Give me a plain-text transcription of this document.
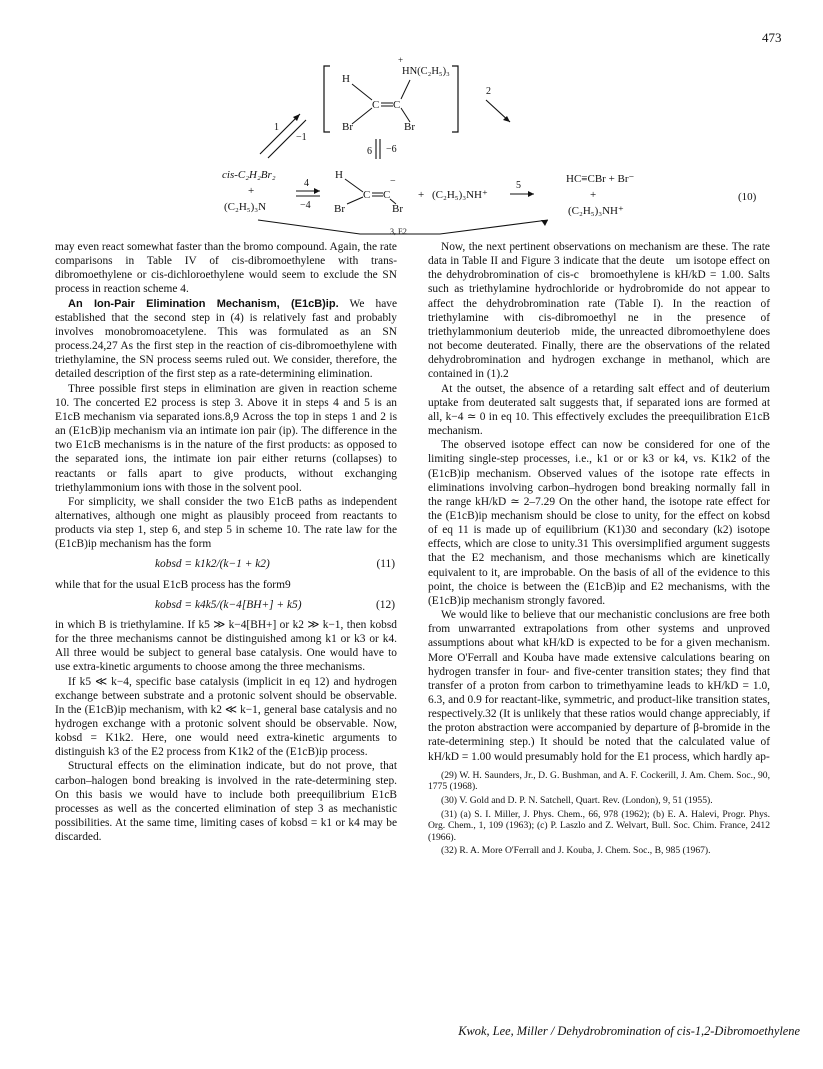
473
H
HN(C₂H₅)₃
+
Br	Br
C C
1
−1
2
6 −6
cis-C₂H₂Br₂
+
(C₂H₅)₃N
4
−4
H
Br	Br
C C
−
+ (C₂H₅)₃NH⁺
5
HC≡CBr + Br⁻
+
(C₂H₅)₃NH⁺
(10)
3, E2

may even react somewhat faster than the bromo compound. Again, the rate comparisons in Table IV of cis-dibromoethylene with trans-dibromoethylene or cis-dichloroethylene would seem to exclude the SN process in reaction scheme 4.

An Ion-Pair Elimination Mechanism, (E1cB)ip. We have established that the second step in (4) is relatively fast and probably involves monobromoacetylene. This was formulated as an SN process.24,27 As the first step in the reaction of cis-dibromoethylene with triethylamine, the SN process seems ruled out. We consider, therefore, the detailed description of the first step as a rate-determining elimination.

Three possible first steps in elimination are given in reaction scheme 10. The concerted E2 process is step 3. Above it in steps 4 and 5 is an E1cB mechanism via separated ions.8,9 Across the top in steps 1 and 2 is an (E1cB)ip mechanism via an intimate ion pair (ip). The difference in the two E1cB mechanisms is in the nature of the first products: as opposed to the separated ions, the intimate ion pair either returns (collapses) to reactants or falls apart to give products, without exchanging triethylammonium ions with those in the solvent pool.

For simplicity, we shall consider the two E1cB paths as independent alternatives, although one might as plausibly proceed from reactants to products via step 1, step 6, and step 5 in scheme 10. The rate law for the (E1cB)ip mechanism has the form

kobsd = k1k2/(k−1 + k2)	(11)

while that for the usual E1cB process has the form9

kobsd = k4k5/(k−4[BH+] + k5)	(12)

in which B is triethylamine. If k5 ≫ k−4[BH+] or k2 ≫ k−1, then kobsd for the three mechanisms cannot be distinguished among k1 or k3 or k4. All three would be subject to general base catalysis. One would have to use extra-kinetic arguments to choose among the three mechanisms.

If k5 ≪ k−4, specific base catalysis (implicit in eq 12) and hydrogen exchange between substrate and a protonic solvent should be observable. In the (E1cB)ip mechanism, with k2 ≪ k−1, general base catalysis and no hydrogen exchange with a protonic solvent should be observable. Now, kobsd = K1k2. Here, one would need extra-kinetic arguments to distinguish k3 of the E2 process from K1k2 of the (E1cB)ip process.

Structural effects on the elimination indicate, but do not prove, that carbon–halogen bond breaking is involved in the rate-determining step. On this basis we would have to include both preequilibrium E1cB processes as well as the concerted elimination of step 3 as mechanistic possibilities. At the same time, limiting cases of kobsd = k1 or k4 may be discarded.

Now, the next pertinent observations on mechanism are these. The rate data in Table II and Figure 3 indicate that the deute um isotope effect on the dehydrobromination of cis-c bromoethylene is kH/kD = 1.00. Salts such as triethylamine hydrochloride or hydrobromide do not appear to affect the dehydrobromination rate (Table I). In the reaction of triethylamine with cis-dibromoethyl ne in the presence of triethylammonium deuteriob mide, the unreacted dibromoethylene does not become deuterated. Finally, there are the observations of the related dehydrobromination and hydrogen exchange in methanol, which are contained in (1).2

At the outset, the absence of a retarding salt effect and of deuterium uptake from deuterated salt suggests that, if separated ions are formed at all, k−4 ≃ 0 in eq 10. This effectively excludes the preequilibration E1cB mechanism.

The observed isotope effect can now be considered for one of the limiting single-step processes, i.e., k1 or or k3 or k4, vs. K1k2 of the (E1cB)ip mechanism. Observed values of the isotope rate effects in eliminations involving carbon–hydrogen bond breaking normally fall in the range kH/kD ≃ 2–7.29 On the other hand, the isotope rate effect for the (E1cB)ip mechanism should be close to unity, for the effect on kobsd of eq 11 is made up of equilibrium (K1)30 and secondary (k2) isotope effects, which are close to unity.31 This oversimplified argument suggests that the E2 mechanism, and those mechanisms which are kinetically equivalent to it, are improbable. On the basis of all of the evidence to this point, the choice is between the (E1cB)ip and E2 mechanisms, with the (E1cB)ip mechanism strongly favored.

We would like to believe that our mechanistic conclusions are free both from unwarranted extrapolations from other systems and unproved assumptions about what kH/kD is expected to be for a given mechanism. More O'Ferrall and Kouba have made extensive calculations bearing on hydrogen transfer in four- and five-center transition states; they find that transfer of a proton from carbon to trimethyamine leads to kH/kD = 1.0, 6.3, and 0.9 for reactant-like, symmetric, and product-like transition states, respectively.32 (It is unlikely that these ratios would change appreciably, if the proton abstraction were accompanied by departure of β-bromide in the rate-determining step.) It should be noted that the calculated value of kH/kD = 1.00 would presumably hold for the E1 process, which hardly ap-

(29) W. H. Saunders, Jr., D. G. Bushman, and A. F. Cockerill, J. Am. Chem. Soc., 90, 1775 (1968).

(30) V. Gold and D. P. N. Satchell, Quart. Rev. (London), 9, 51 (1955).

(31) (a) S. I. Miller, J. Phys. Chem., 66, 978 (1962); (b) E. A. Halevi, Progr. Phys. Org. Chem., 1, 109 (1963); (c) P. Laszlo and Z. Welvart, Bull. Soc. Chim. France, 2412 (1966).

(32) R. A. More O'Ferrall and J. Kouba, J. Chem. Soc., B, 985 (1967).

Kwok, Lee, Miller / Dehydrobromination of cis-1,2-Dibromoethylene
